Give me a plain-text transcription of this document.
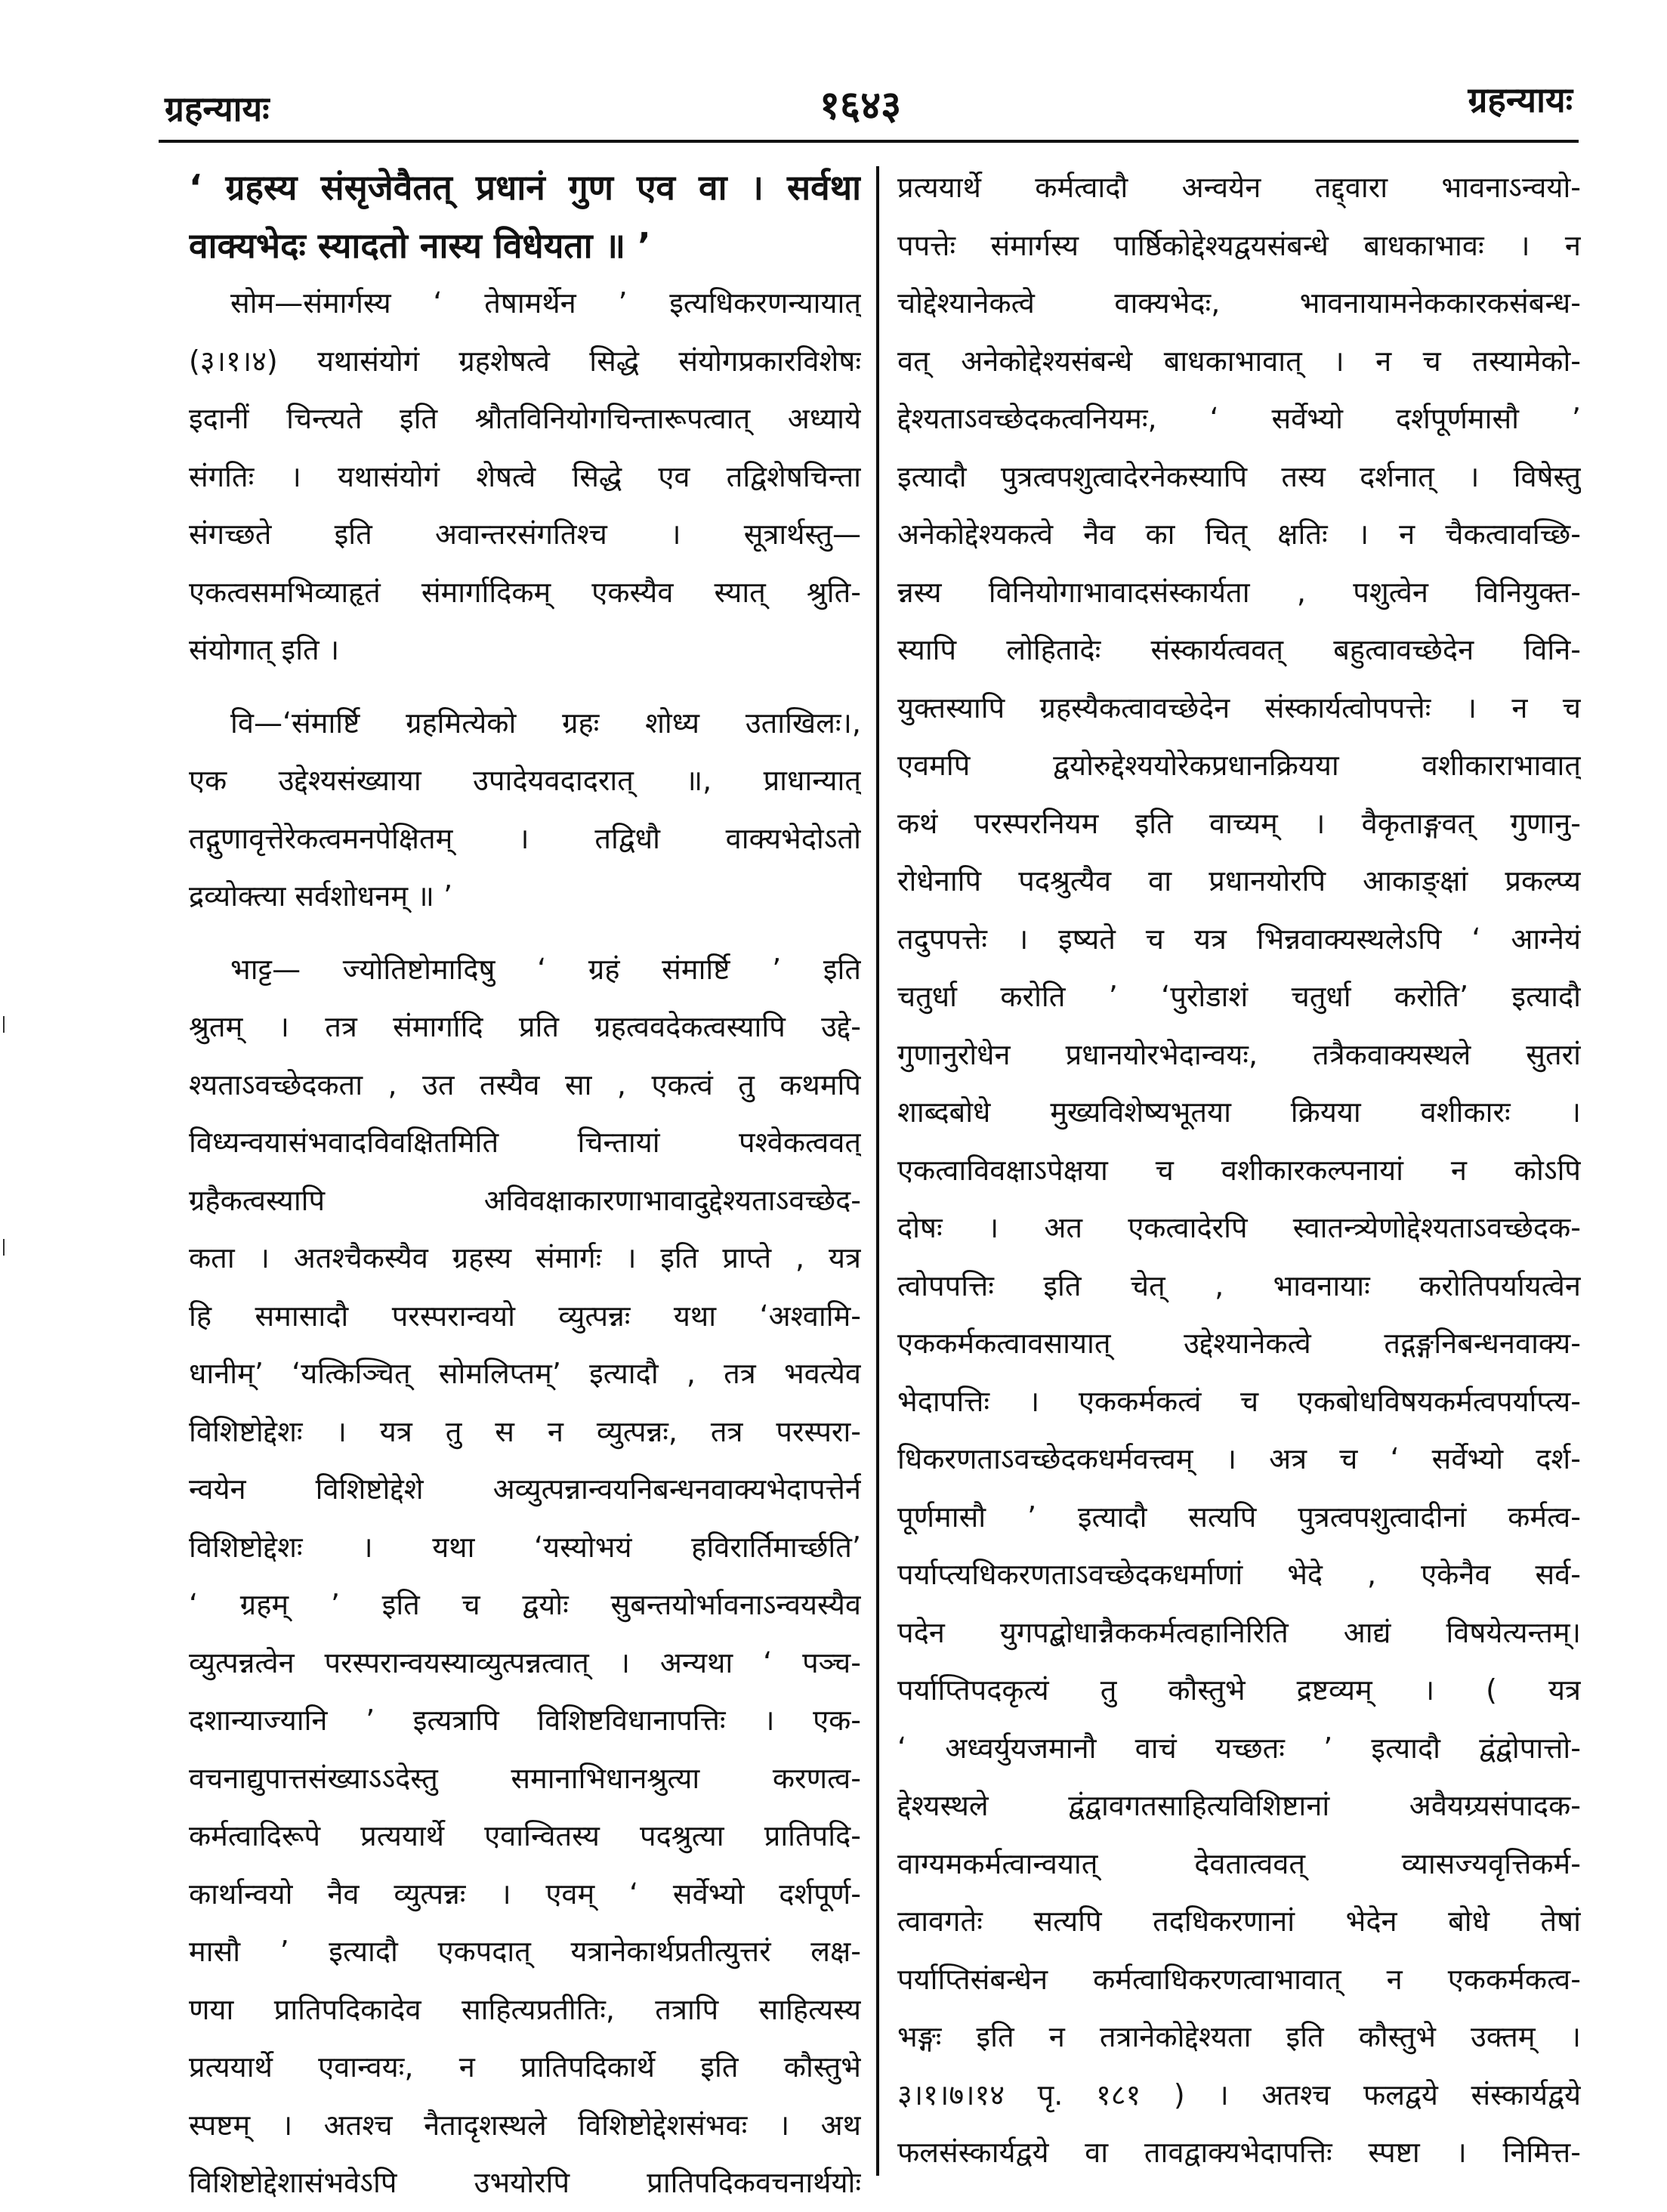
ग्रहन्यायः	१६४३	ग्रहन्यायः
‘ ग्रहस्य संसृजेवैतत् प्रधानं गुण एव वा । सर्वथा
वाक्यभेदः स्यादतो नास्य विधेयता ॥ ’
सोम—संमार्गस्य ‘ तेषामर्थेन ’ इत्यधिकरणन्यायात्
(३।१।४) यथासंयोगं ग्रहशेषत्वे सिद्धे संयोगप्रकारविशेषः
इदानीं चिन्त्यते इति श्रौतविनियोगचिन्तारूपत्वात् अध्याये
संगतिः । यथासंयोगं शेषत्वे सिद्धे एव तद्विशेषचिन्ता
संगच्छते इति अवान्तरसंगतिश्च । सूत्रार्थस्तु—
एकत्वसमभिव्याहृतं संमार्गादिकम् एकस्यैव स्यात् श्रुति-
संयोगात् इति ।
वि—‘संमार्ष्टि ग्रहमित्येको ग्रहः शोध्य उताखिलः।,
एक उद्देश्यसंख्याया उपादेयवदादरात् ॥, प्राधान्यात्
तद्गुणावृत्तेरेकत्वमनपेक्षितम् । तद्विधौ वाक्यभेदोऽतो
द्रव्योक्त्या सर्वशोधनम् ॥ ’
भाट्ट— ज्योतिष्टोमादिषु ‘ ग्रहं संमार्ष्टि ’ इति
श्रुतम् । तत्र संमार्गादि प्रति ग्रहत्ववदेकत्वस्यापि उद्दे-
श्यताऽवच्छेदकता , उत तस्यैव सा , एकत्वं तु कथमपि
विध्यन्वयासंभवादविवक्षितमिति चिन्तायां पश्वेकत्ववत्
ग्रहैकत्वस्यापि अविवक्षाकारणाभावादुद्देश्यताऽवच्छेद-
कता । अतश्चैकस्यैव ग्रहस्य संमार्गः । इति प्राप्ते , यत्र
हि समासादौ परस्परान्वयो व्युत्पन्नः यथा ‘अश्वामि-
धानीम्’ ‘यत्किञ्चित् सोमलिप्तम्’ इत्यादौ , तत्र भवत्येव
विशिष्टोद्देशः । यत्र तु स न व्युत्पन्नः, तत्र परस्परा-
न्वयेन विशिष्टोद्देशे अव्युत्पन्नान्वयनिबन्धनवाक्यभेदापत्तेर्न
विशिष्टोद्देशः । यथा ‘यस्योभयं हविरार्तिमार्च्छति’
‘ ग्रहम् ’ इति च द्वयोः सुबन्तयोर्भावनाऽन्वयस्यैव
व्युत्पन्नत्वेन परस्परान्वयस्याव्युत्पन्नत्वात् । अन्यथा ‘ पञ्च-
दशान्याज्यानि ’ इत्यत्रापि विशिष्टविधानापत्तिः । एक-
वचनाद्युपात्तसंख्याऽऽदेस्तु समानाभिधानश्रुत्या करणत्व-
कर्मत्वादिरूपे प्रत्ययार्थे एवान्वितस्य पदश्रुत्या प्रातिपदि-
कार्थान्वयो नैव व्युत्पन्नः । एवम् ‘ सर्वेभ्यो दर्शपूर्ण-
मासौ ’ इत्यादौ एकपदात् यत्रानेकार्थप्रतीत्युत्तरं लक्ष-
णया प्रातिपदिकादेव साहित्यप्रतीतिः, तत्रापि साहित्यस्य
प्रत्ययार्थे एवान्वयः, न प्रातिपदिकार्थे इति कौस्तुभे
स्पष्टम् । अतश्च नैतादृशस्थले विशिष्टोद्देशसंभवः । अथ
विशिष्टोद्देशासंभवेऽपि उभयोरपि प्रातिपदिकवचनार्थयोः
प्रत्ययार्थे कर्मत्वादौ अन्वयेन तद्द्वारा भावनाऽन्वयो-
पपत्तेः संमार्गस्य पार्ष्ठिकोद्देश्यद्वयसंबन्धे बाधकाभावः । न
चोद्देश्यानेकत्वे वाक्यभेदः, भावनायामनेककारकसंबन्ध-
वत् अनेकोद्देश्यसंबन्धे बाधकाभावात् । न च तस्यामेको-
द्देश्यताऽवच्छेदकत्वनियमः, ‘ सर्वेभ्यो दर्शपूर्णमासौ ’
इत्यादौ पुत्रत्वपशुत्वादेरनेकस्यापि तस्य दर्शनात् । विषेस्तु
अनेकोद्देश्यकत्वे नैव का चित् क्षतिः । न चैकत्वावच्छि-
न्नस्य विनियोगाभावादसंस्कार्यता , पशुत्वेन विनियुक्त-
स्यापि लोहितादेः संस्कार्यत्ववत् बहुत्वावच्छेदेन विनि-
युक्तस्यापि ग्रहस्यैकत्वावच्छेदेन संस्कार्यत्वोपपत्तेः । न च
एवमपि द्वयोरुद्देश्ययोरेकप्रधानक्रियया वशीकाराभावात्
कथं परस्परनियम इति वाच्यम् । वैकृताङ्गवत् गुणानु-
रोधेनापि पदश्रुत्यैव वा प्रधानयोरपि आकाङ्क्षां प्रकल्प्य
तदुपपत्तेः । इष्यते च यत्र भिन्नवाक्यस्थलेऽपि ‘ आग्नेयं
चतुर्धा करोति ’ ‘पुरोडाशं चतुर्धा करोति’ इत्यादौ
गुणानुरोधेन प्रधानयोरभेदान्वयः, तत्रैकवाक्यस्थले सुतरां
शाब्दबोधे मुख्यविशेष्यभूतया क्रियया वशीकारः ।
एकत्वाविवक्षाऽपेक्षया च वशीकारकल्पनायां न कोऽपि
दोषः । अत एकत्वादेरपि स्वातन्त्र्येणोद्देश्यताऽवच्छेदक-
त्वोपपत्तिः इति चेत् , भावनायाः करोतिपर्यायत्वेन
एककर्मकत्वावसायात् उद्देश्यानेकत्वे तद्गङ्गनिबन्धनवाक्य-
भेदापत्तिः । एककर्मकत्वं च एकबोधविषयकर्मत्वपर्याप्त्य-
धिकरणताऽवच्छेदकधर्मवत्त्वम् । अत्र च ‘ सर्वेभ्यो दर्श-
पूर्णमासौ ’ इत्यादौ सत्यपि पुत्रत्वपशुत्वादीनां कर्मत्व-
पर्याप्त्यधिकरणताऽवच्छेदकधर्माणां भेदे , एकेनैव सर्व-
पदेन युगपद्बोधान्नैककर्मत्वहानिरिति आद्यं विषयेत्यन्तम्।
पर्याप्तिपदकृत्यं तु कौस्तुभे द्रष्टव्यम् । ( यत्र
‘ अध्वर्युयजमानौ वाचं यच्छतः ’ इत्यादौ द्वंद्वोपात्तो-
द्देश्यस्थले द्वंद्वावगतसाहित्यविशिष्टानां अवैयग्र्यसंपादक-
वाग्यमकर्मत्वान्वयात् देवतात्ववत् व्यासज्यवृत्तिकर्म-
त्वावगतेः सत्यपि तदधिकरणानां भेदेन बोधे तेषां
पर्याप्तिसंबन्धेन कर्मत्वाधिकरणत्वाभावात् न एककर्मकत्व-
भङ्गः इति न तत्रानेकोद्देश्यता इति कौस्तुभे उक्तम् ।
३।१।७।१४ पृ. १८१ ) । अतश्च फलद्वये संस्कार्यद्वये
फलसंस्कार्यद्वये वा तावद्वाक्यभेदापत्तिः स्पष्टा । निमित्त-
